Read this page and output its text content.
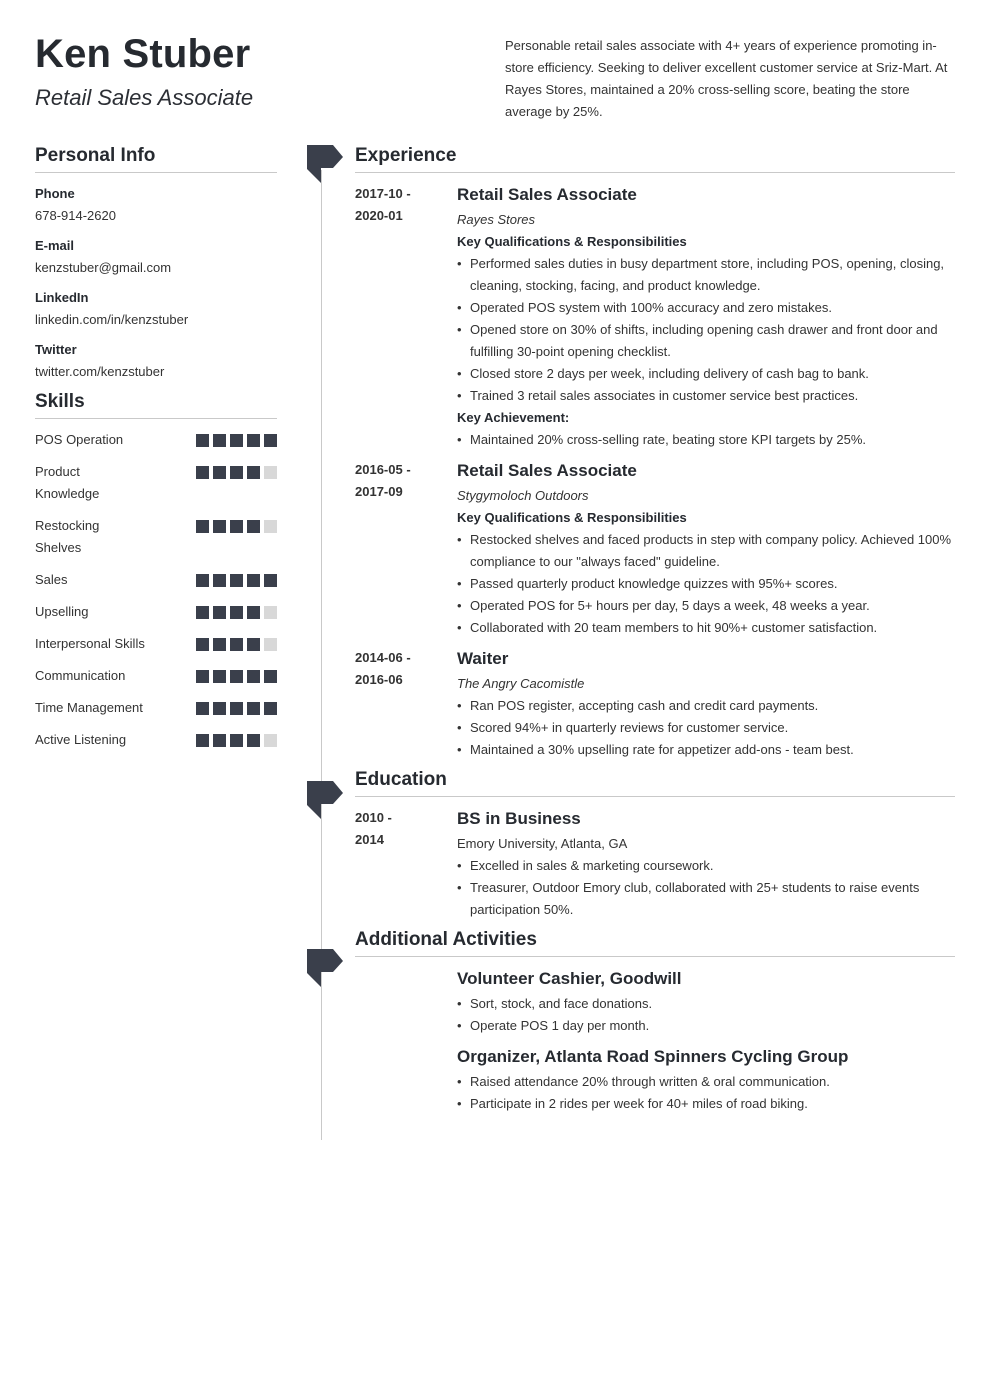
Ken Stuber
Retail Sales Associate
Personable retail sales associate with 4+ years of experience promoting in-store efficiency. Seeking to deliver excellent customer service at Sriz-Mart. At Rayes Stores, maintained a 20% cross-selling score, beating the store average by 25%.
Personal Info
Phone
678-914-2620
E-mail
kenzstuber@gmail.com
LinkedIn
linkedin.com/in/kenzstuber
Twitter
twitter.com/kenzstuber
Skills
POS Operation
Product Knowledge
Restocking Shelves
Sales
Upselling
Interpersonal Skills
Communication
Time Management
Active Listening
Experience
2017-10 -
2020-01
Retail Sales Associate
Rayes Stores
Key Qualifications & Responsibilities
• Performed sales duties in busy department store, including POS, opening, closing, cleaning, stocking, facing, and product knowledge.
• Operated POS system with 100% accuracy and zero mistakes.
• Opened store on 30% of shifts, including opening cash drawer and front door and fulfilling 30-point opening checklist.
• Closed store 2 days per week, including delivery of cash bag to bank.
• Trained 3 retail sales associates in customer service best practices.
Key Achievement:
• Maintained 20% cross-selling rate, beating store KPI targets by 25%.
2016-05 -
2017-09
Retail Sales Associate
Stygymoloch Outdoors
Key Qualifications & Responsibilities
• Restocked shelves and faced products in step with company policy. Achieved 100% compliance to our "always faced" guideline.
• Passed quarterly product knowledge quizzes with 95%+ scores.
• Operated POS for 5+ hours per day, 5 days a week, 48 weeks a year.
• Collaborated with 20 team members to hit 90%+ customer satisfaction.
2014-06 -
2016-06
Waiter
The Angry Cacomistle
• Ran POS register, accepting cash and credit card payments.
• Scored 94%+ in quarterly reviews for customer service.
• Maintained a 30% upselling rate for appetizer add-ons - team best.
Education
2010 -
2014
BS in Business
Emory University, Atlanta, GA
• Excelled in sales & marketing coursework.
• Treasurer, Outdoor Emory club, collaborated with 25+ students to raise events participation 50%.
Additional Activities
Volunteer Cashier, Goodwill
• Sort, stock, and face donations.
• Operate POS 1 day per month.
Organizer, Atlanta Road Spinners Cycling Group
• Raised attendance 20% through written & oral communication.
• Participate in 2 rides per week for 40+ miles of road biking.
